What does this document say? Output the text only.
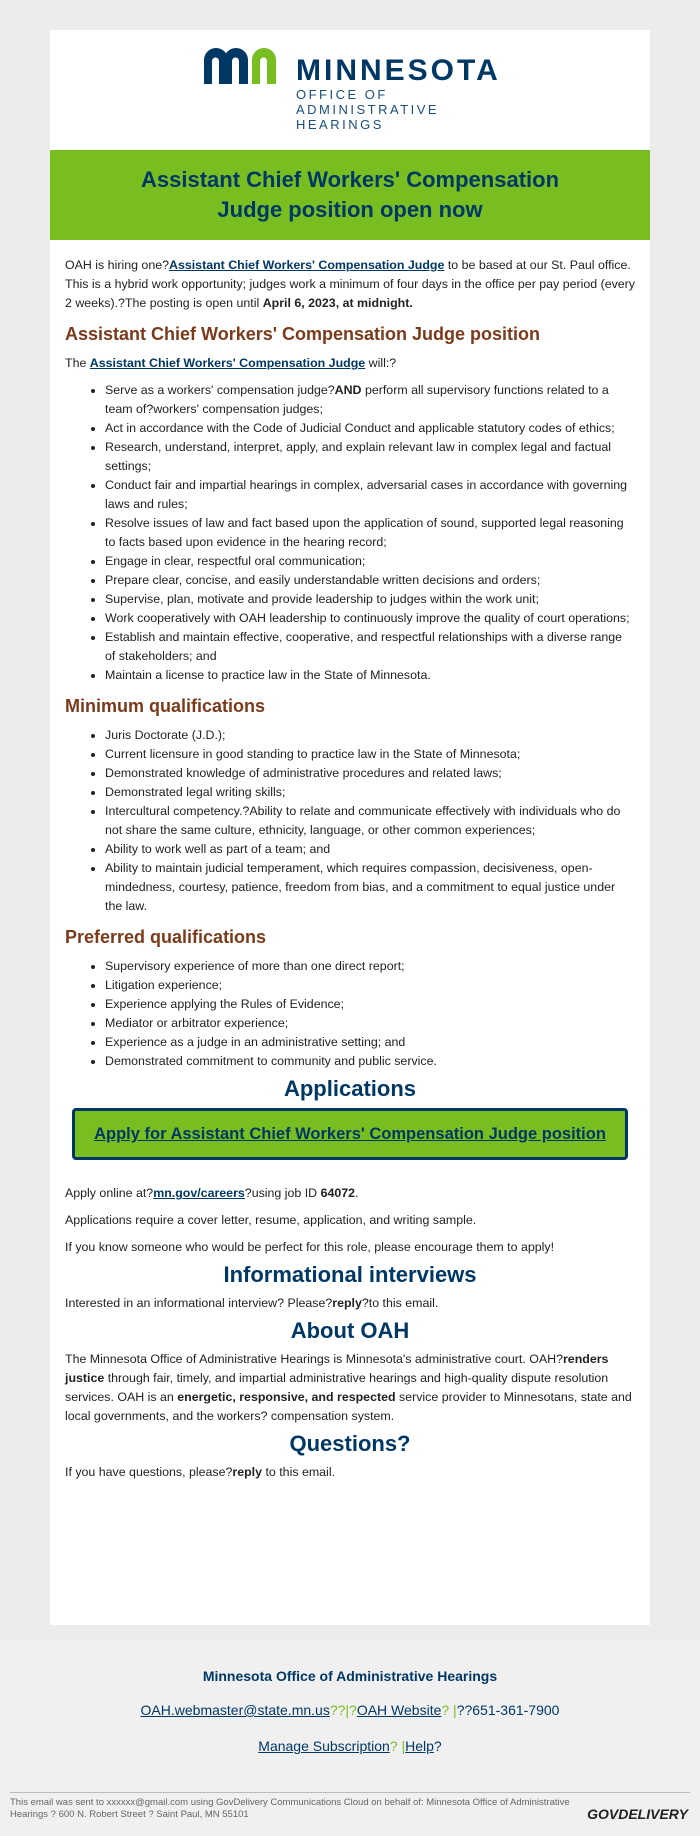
MINNESOTA
OFFICE OF
ADMINISTRATIVE
HEARINGS
Assistant Chief Workers' Compensation Judge position open now

OAH is hiring one?Assistant Chief Workers' Compensation Judge to be based at our St. Paul office. This is a hybrid work opportunity; judges work a minimum of four days in the office per pay period (every 2 weeks).?The posting is open until April 6, 2023, at midnight.

Assistant Chief Workers' Compensation Judge position

The Assistant Chief Workers' Compensation Judge will:?

• Serve as a workers' compensation judge?AND perform all supervisory functions related to a team of?workers' compensation judges;
• Act in accordance with the Code of Judicial Conduct and applicable statutory codes of ethics;
• Research, understand, interpret, apply, and explain relevant law in complex legal and factual settings;
• Conduct fair and impartial hearings in complex, adversarial cases in accordance with governing laws and rules;
• Resolve issues of law and fact based upon the application of sound, supported legal reasoning to facts based upon evidence in the hearing record;
• Engage in clear, respectful oral communication;
• Prepare clear, concise, and easily understandable written decisions and orders;
• Supervise, plan, motivate and provide leadership to judges within the work unit;
• Work cooperatively with OAH leadership to continuously improve the quality of court operations;
• Establish and maintain effective, cooperative, and respectful relationships with a diverse range of stakeholders; and
• Maintain a license to practice law in the State of Minnesota.
Minimum qualifications
• Juris Doctorate (J.D.);
• Current licensure in good standing to practice law in the State of Minnesota;
• Demonstrated knowledge of administrative procedures and related laws;
• Demonstrated legal writing skills;
• Intercultural competency.?Ability to relate and communicate effectively with individuals who do not share the same culture, ethnicity, language, or other common experiences;
• Ability to work well as part of a team; and
• Ability to maintain judicial temperament, which requires compassion, decisiveness, open-mindedness, courtesy, patience, freedom from bias, and a commitment to equal justice under the law.
Preferred qualifications
• Supervisory experience of more than one direct report;
• Litigation experience;
• Experience applying the Rules of Evidence;
• Mediator or arbitrator experience;
• Experience as a judge in an administrative setting; and
• Demonstrated commitment to community and public service.
Applications
Apply for Assistant Chief Workers' Compensation Judge position

Apply online at?mn.gov/careers?using job ID 64072.

Applications require a cover letter, resume, application, and writing sample.

If you know someone who would be perfect for this role, please encourage them to apply!

Informational interviews

Interested in an informational interview? Please?reply?to this email.

About OAH

The Minnesota Office of Administrative Hearings is Minnesota's administrative court. OAH?renders justice through fair, timely, and impartial administrative hearings and high-quality dispute resolution services. OAH is an energetic, responsive, and respected service provider to Minnesotans, state and local governments, and the workers? compensation system.

Questions?

If you have questions, please?reply to this email.

Minnesota Office of Administrative Hearings
OAH.webmaster@state.mn.us??|?OAH Website? |??651-361-7900
Manage Subscription? |Help?
This email was sent to xxxxxx@gmail.com using GovDelivery Communications Cloud on behalf of: Minnesota Office of Administrative Hearings ? 600 N. Robert Street ? Saint Paul, MN 55101	GOVDELIVERY
